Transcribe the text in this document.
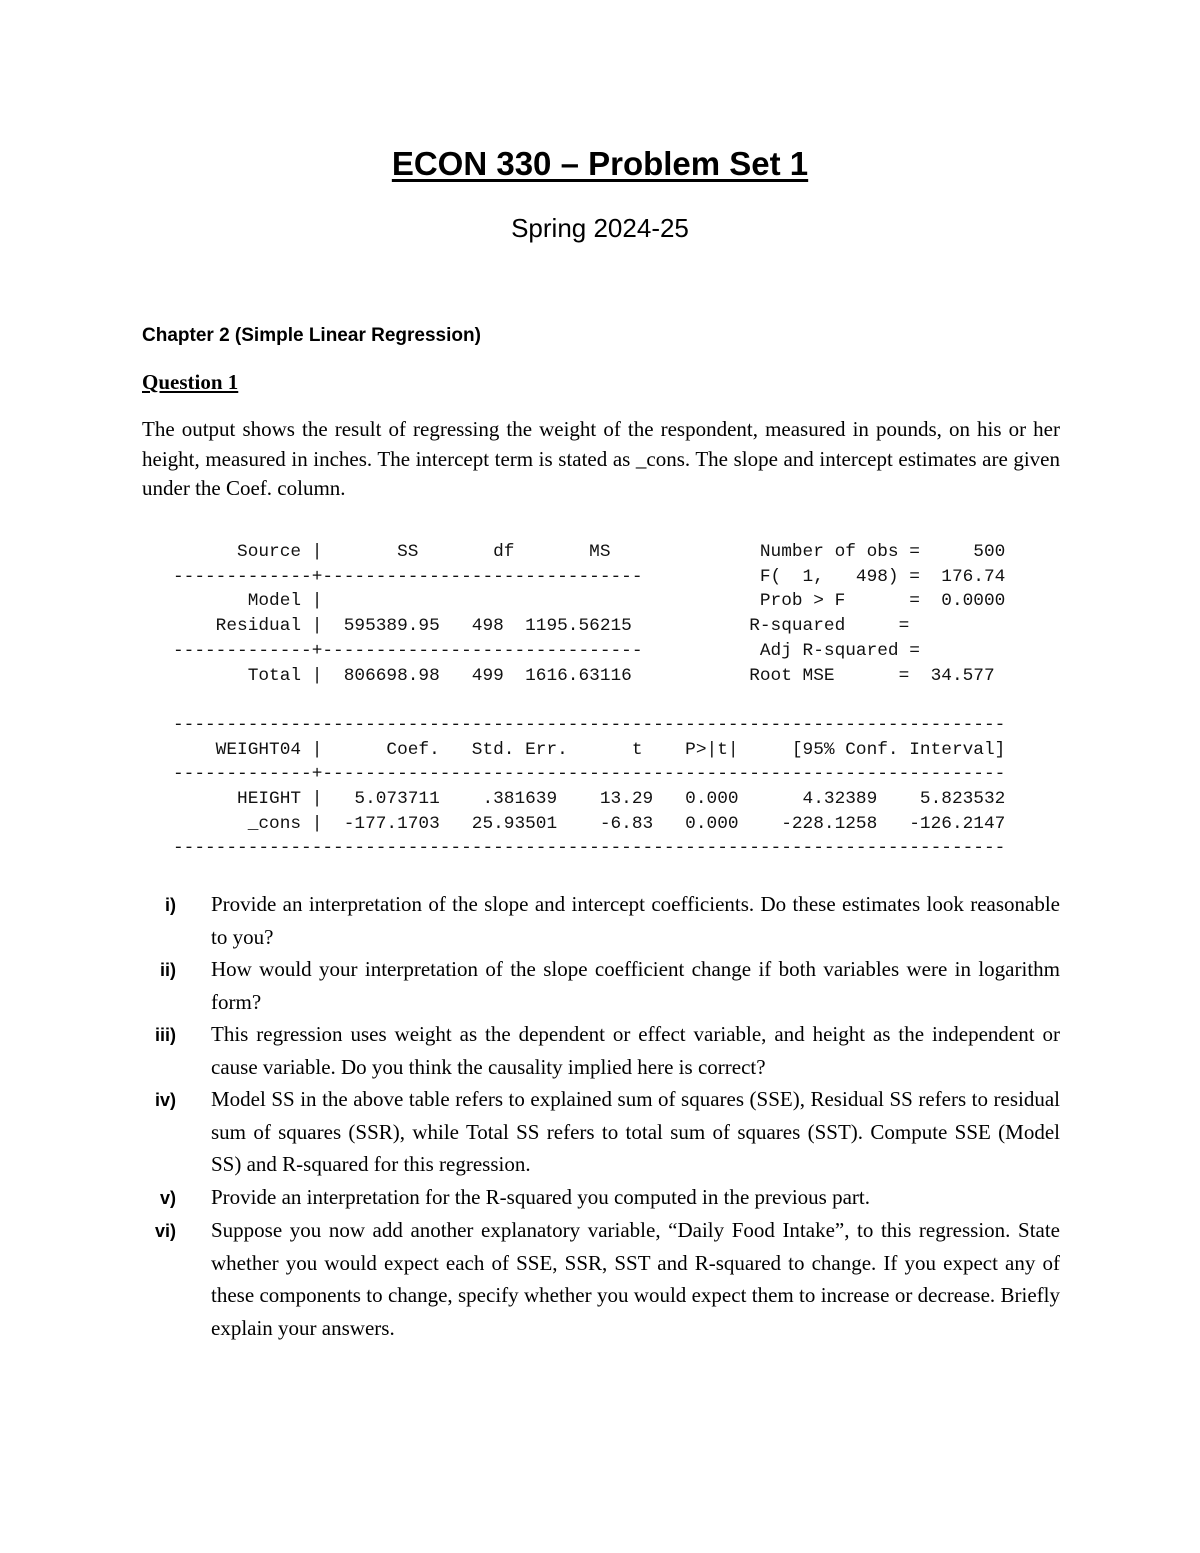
ECON 330 – Problem Set 1
Spring 2024-25
Chapter 2 (Simple Linear Regression)
Question 1

The output shows the result of regressing the weight of the respondent, measured in pounds, on his or her height, measured in inches. The intercept term is stated as _cons. The slope and intercept estimates are given under the Coef. column.

Source |       SS       df       MS              Number of obs =     500
-------------+------------------------------           F(  1,   498) =  176.74
Model |                                         Prob > F      =  0.0000
Residual |  595389.95   498  1195.56215           R-squared     =
-------------+------------------------------           Adj R-squared =
Total |  806698.98   499  1616.63116           Root MSE      =  34.577

------------------------------------------------------------------------------
WEIGHT04 |      Coef.   Std. Err.      t    P>|t|     [95% Conf. Interval]
-------------+----------------------------------------------------------------
HEIGHT |   5.073711    .381639    13.29   0.000      4.32389    5.823532
_cons |  -177.1703   25.93501    -6.83   0.000    -228.1258   -126.2147
------------------------------------------------------------------------------
i) Provide an interpretation of the slope and intercept coefficients. Do these estimates look reasonable to you?
ii) How would your interpretation of the slope coefficient change if both variables were in logarithm form?
iii) This regression uses weight as the dependent or effect variable, and height as the independent or cause variable. Do you think the causality implied here is correct?
iv) Model SS in the above table refers to explained sum of squares (SSE), Residual SS refers to residual sum of squares (SSR), while Total SS refers to total sum of squares (SST). Compute SSE (Model SS) and R-squared for this regression.
v) Provide an interpretation for the R-squared you computed in the previous part.
vi) Suppose you now add another explanatory variable, “Daily Food Intake”, to this regression. State whether you would expect each of SSE, SSR, SST and R-squared to change. If you expect any of these components to change, specify whether you would expect them to increase or decrease. Briefly explain your answers.
